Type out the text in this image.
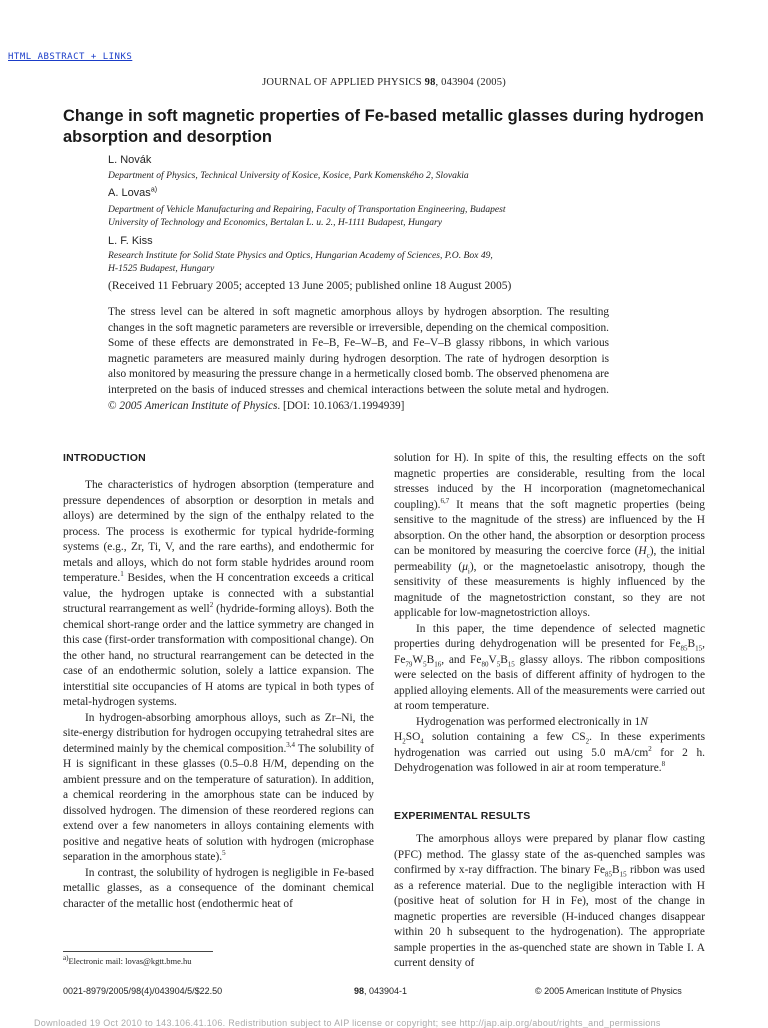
HTML ABSTRACT + LINKS
JOURNAL OF APPLIED PHYSICS 98, 043904 (2005)
Change in soft magnetic properties of Fe-based metallic glasses during hydrogen absorption and desorption
L. Novák
Department of Physics, Technical University of Kosice, Kosice, Park Komenského 2, Slovakia
A. Lovas$^{a)}$
Department of Vehicle Manufacturing and Repairing, Faculty of Transportation Engineering, Budapest
University of Technology and Economics, Bertalan L. u. 2., H-1111 Budapest, Hungary
L. F. Kiss
Research Institute for Solid State Physics and Optics, Hungarian Academy of Sciences, P.O. Box 49,
H-1525 Budapest, Hungary
(Received 11 February 2005; accepted 13 June 2005; published online 18 August 2005)
The stress level can be altered in soft magnetic amorphous alloys by hydrogen absorption. The resulting changes in the soft magnetic parameters are reversible or irreversible, depending on the chemical composition. Some of these effects are demonstrated in Fe–B, Fe–W–B, and Fe–V–B glassy ribbons, in which various magnetic parameters are measured mainly during hydrogen desorption. The rate of hydrogen desorption is also monitored by measuring the pressure change in a hermetically closed bomb. The observed phenomena are interpreted on the basis of induced stresses and chemical interactions between the solute metal and hydrogen. © 2005 American Institute of Physics. [DOI: 10.1063/1.1994939]
INTRODUCTION

The characteristics of hydrogen absorption (temperature and pressure dependences of absorption or desorption in metals and alloys) are determined by the sign of the enthalpy related to the process. The process is exothermic for typical hydride-forming systems (e.g., Zr, Ti, V, and the rare earths), and endothermic for metals and alloys, which do not form stable hydrides around room temperature.$^1$ Besides, when the H concentration exceeds a critical value, the hydrogen uptake is connected with a substantial structural rearrangement as well$^2$ (hydride-forming alloys). Both the chemical short-range order and the lattice symmetry are changed in this case (first-order transformation with compositional change). On the other hand, no structural rearrangement can be detected in the case of an endothermic solution, solely a lattice expansion. The interstitial site occupancies of H atoms are typical in both types of metal-hydrogen systems.

In hydrogen-absorbing amorphous alloys, such as Zr–Ni, the site-energy distribution for hydrogen occupying tetrahedral sites are determined mainly by the chemical composition.$^{3,4}$ The solubility of H is significant in these glasses (0.5–0.8 H/M, depending on the ambient pressure and on the temperature of saturation). In addition, a chemical reordering in the amorphous state can be induced by dissolved hydrogen. The dimension of these reordered regions can extend over a few nanometers in alloys containing elements with positive and negative heats of solution with hydrogen (microphase separation in the amorphous state).$^5$

In contrast, the solubility of hydrogen is negligible in Fe-based metallic glasses, as a consequence of the dominant chemical character of the metallic host (endothermic heat of

solution for H). In spite of this, the resulting effects on the soft magnetic properties are considerable, resulting from the local stresses induced by the H incorporation (magnetomechanical coupling).$^{6,7}$ It means that the soft magnetic properties (being sensitive to the magnitude of the stress) are influenced by the H absorption. On the other hand, the absorption or desorption process can be monitored by measuring the coercive force $(H_c)$, the initial permeability $(\mu_i)$, or the magnetoelastic anisotropy, though the sensitivity of these measurements is highly influenced by the magnitude of the magnetostriction constant, so they are not applicable for low-magnetostriction alloys.

In this paper, the time dependence of selected magnetic properties during dehydrogenation will be presented for $Fe_{85}B_{15}$, $Fe_{79}W_5B_{16}$, and $Fe_{80}V_5B_{15}$ glassy alloys. The ribbon compositions were selected on the basis of different affinity of hydrogen to the applied alloying elements. All of the measurements were carried out at room temperature.

Hydrogenation was performed electronically in 1N
$H_2SO_4$ solution containing a few $CS_2$. In these experiments hydrogenation was carried out using 5.0 $mA/cm^2$ for 2 h. Dehydrogenation was followed in air at room temperature.$^8$

EXPERIMENTAL RESULTS

The amorphous alloys were prepared by planar flow casting (PFC) method. The glassy state of the as-quenched samples was confirmed by x-ray diffraction. The binary $Fe_{85}B_{15}$ ribbon was used as a reference material. Due to the negligible interaction with H (positive heat of solution for H in Fe), most of the change in magnetic properties are reversible (H-induced changes disappear within 20 h subsequent to the hydrogenation). The appropriate sample properties in the as-quenched state are shown in Table I. A current density of

$^{a)}$Electronic mail: lovas@kgtt.bme.hu
0021-8979/2005/98(4)/043904/5/$22.50	98, 043904-1	© 2005 American Institute of Physics
Downloaded 19 Oct 2010 to 143.106.41.106. Redistribution subject to AIP license or copyright; see http://jap.aip.org/about/rights_and_permissions
